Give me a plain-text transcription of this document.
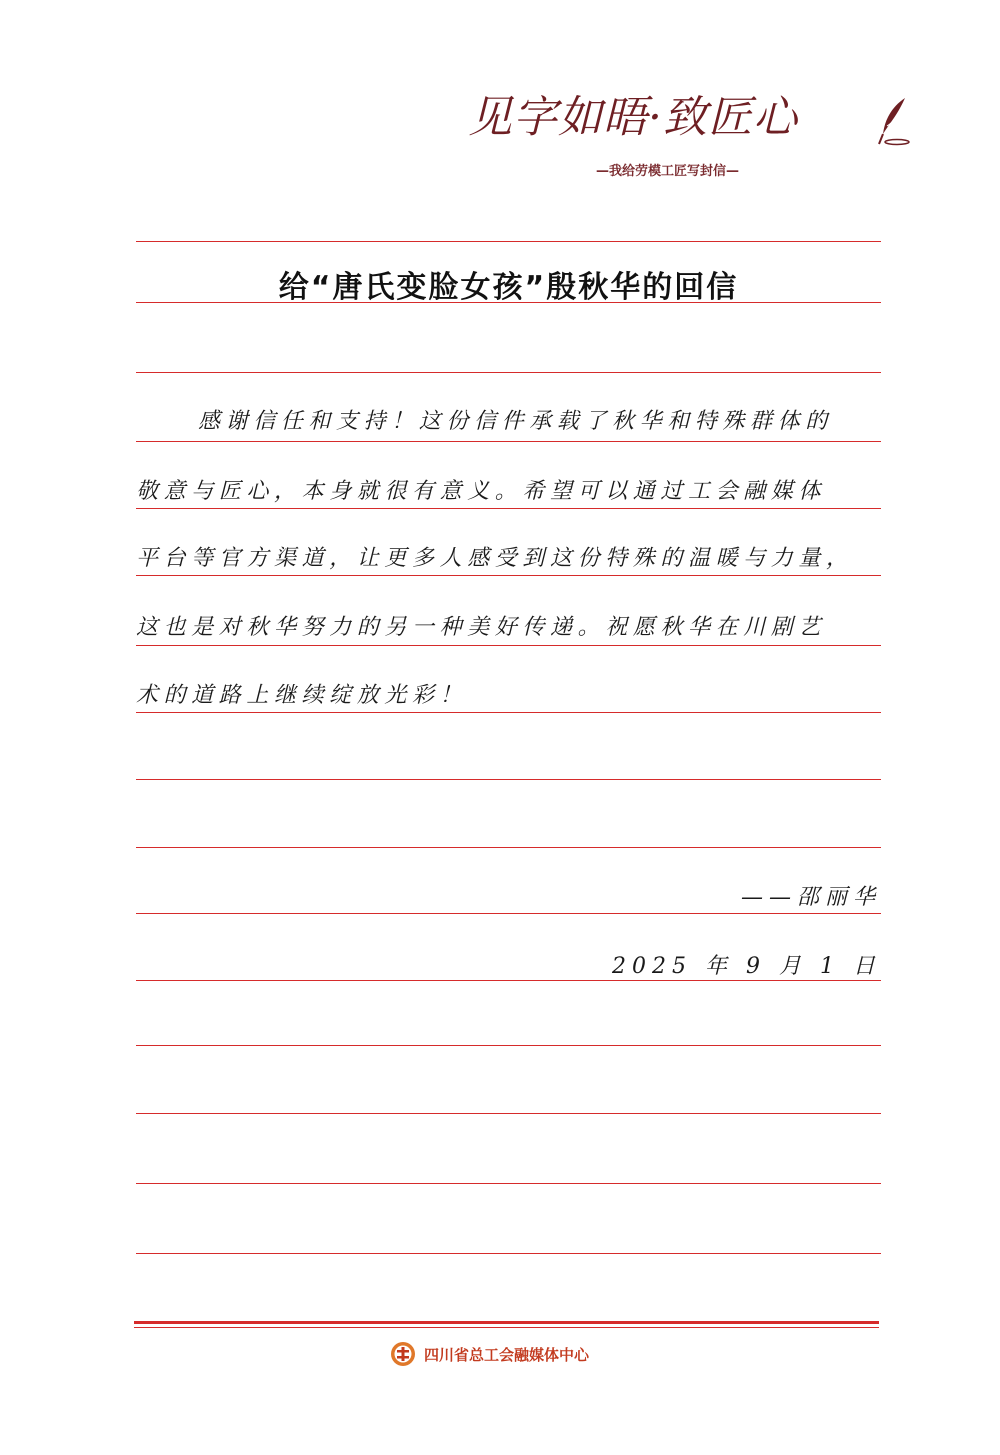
见字如晤·致匠心
—我给劳模工匠写封信—
给“唐氏变脸女孩”殷秋华的回信
感谢信任和支持！这份信件承载了秋华和特殊群体的
敬意与匠心，本身就很有意义。希望可以通过工会融媒体
平台等官方渠道，让更多人感受到这份特殊的温暖与力量，
这也是对秋华努力的另一种美好传递。祝愿秋华在川剧艺
术的道路上继续绽放光彩！
——邵丽华
2025 年 9 月 1 日
四川省总工会融媒体中心
